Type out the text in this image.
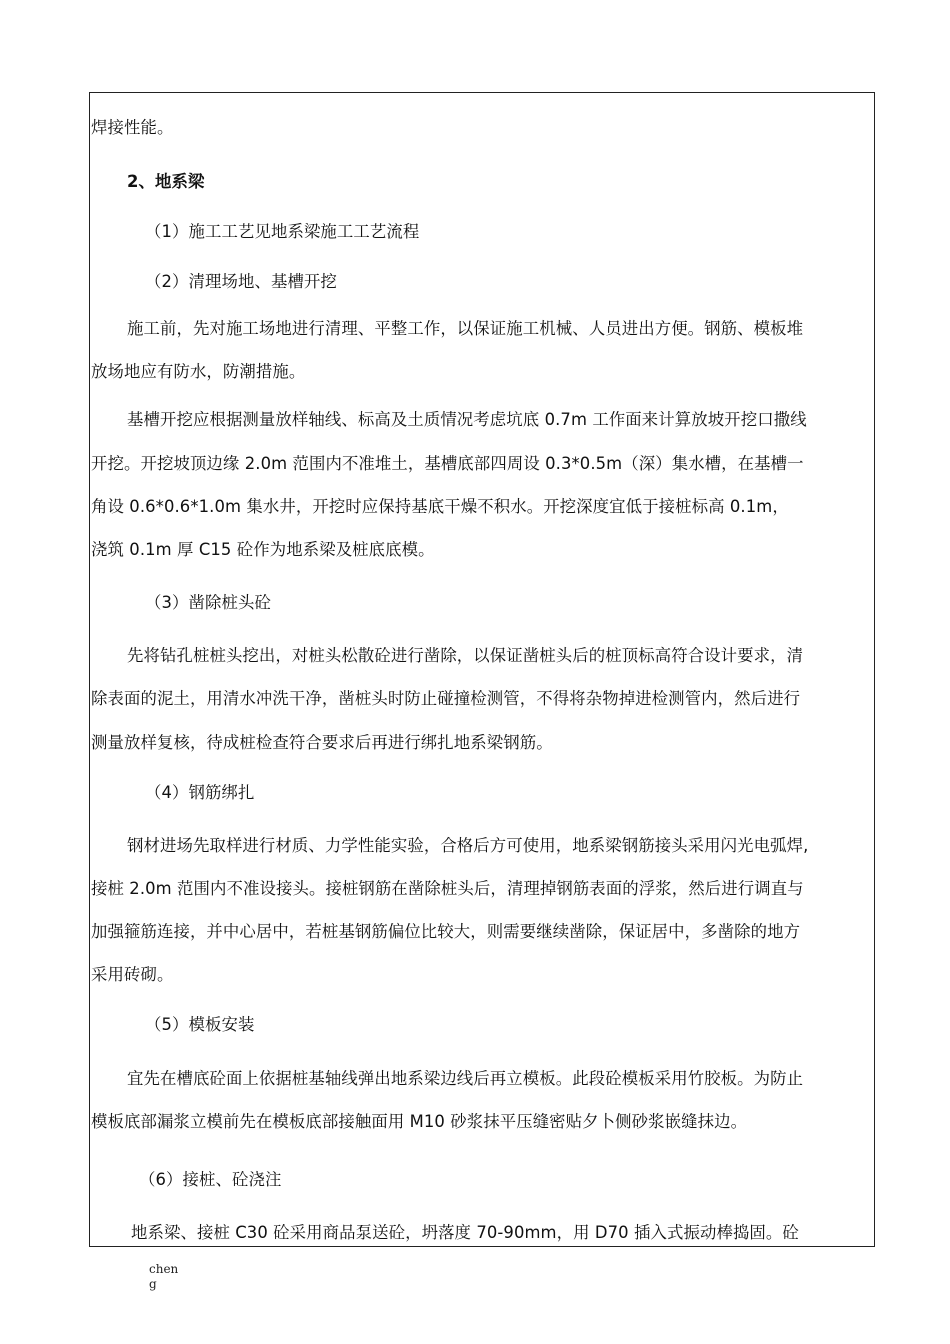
焊接性能。
2、地系梁
（1）施工工艺见地系梁施工工艺流程
（2）清理场地、基槽开挖
施工前，先对施工场地进行清理、平整工作，以保证施工机械、人员进出方便。钢筋、模板堆
放场地应有防水，防潮措施。
基槽开挖应根据测量放样轴线、标高及土质情况考虑坑底 0.7m 工作面来计算放坡开挖口撒线
开挖。开挖坡顶边缘 2.0m 范围内不准堆土，基槽底部四周设 0.3*0.5m（深）集水槽，在基槽一
角设 0.6*0.6*1.0m 集水井，开挖时应保持基底干燥不积水。开挖深度宜低于接桩标高 0.1m，
浇筑 0.1m 厚 C15 砼作为地系梁及桩底底模。
（3）凿除桩头砼
先将钻孔桩桩头挖出，对桩头松散砼进行凿除，以保证凿桩头后的桩顶标高符合设计要求，清
除表面的泥土，用清水冲洗干净，凿桩头时防止碰撞检测管，不得将杂物掉进检测管内，然后进行
测量放样复核，待成桩检查符合要求后再进行绑扎地系梁钢筋。
（4）钢筋绑扎
钢材进场先取样进行材质、力学性能实验，合格后方可使用，地系梁钢筋接头采用闪光电弧焊,
接桩 2.0m 范围内不准设接头。接桩钢筋在凿除桩头后，清理掉钢筋表面的浮浆，然后进行调直与
加强箍筋连接，并中心居中，若桩基钢筋偏位比较大，则需要继续凿除，保证居中，多凿除的地方
采用砖砌。
（5）模板安装
宜先在槽底砼面上依据桩基轴线弹出地系梁边线后再立模板。此段砼模板采用竹胶板。为防止
模板底部漏浆立模前先在模板底部接触面用 M10 砂浆抹平压缝密贴夕卜侧砂浆嵌缝抹边。
（6）接桩、砼浇注
地系梁、接桩 C30 砼采用商品泵送砼，坍落度 70-90mm，用 D70 插入式振动棒捣固。砼
cheng
